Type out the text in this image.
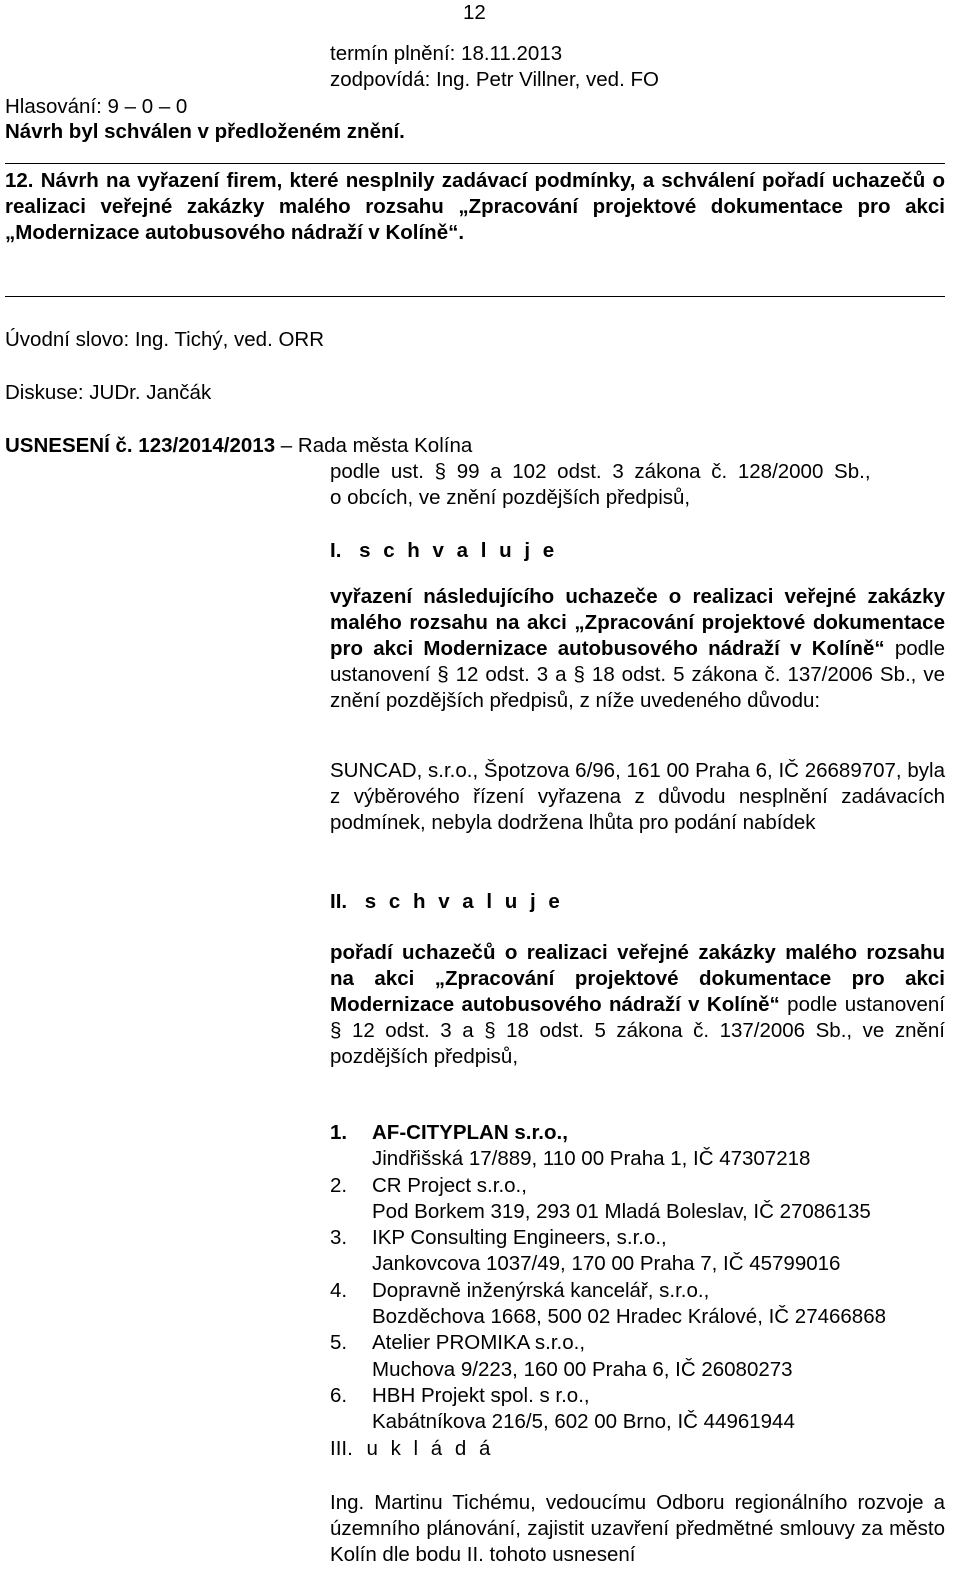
12
termín plnění: 18.11.2013
zodpovídá: Ing. Petr Villner, ved. FO
Hlasování: 9 – 0 – 0
Návrh byl schválen v předloženém znění.
12. Návrh na vyřazení firem, které nesplnily zadávací podmínky, a schválení pořadí uchazečů o realizaci veřejné zakázky malého rozsahu „Zpracování projektové dokumentace pro akci „Modernizace autobusového nádraží v Kolíně“.
Úvodní slovo: Ing. Tichý, ved. ORR
Diskuse: JUDr. Jančák
USNESENÍ č. 123/2014/2013 – Rada města Kolína
podle ust. § 99 a 102 odst. 3 zákona č. 128/2000 Sb.,
o obcích, ve znění pozdějších předpisů,
I. s c h v a l u j e
vyřazení následujícího uchazeče o realizaci veřejné zakázky malého rozsahu na akci „Zpracování projektové dokumentace pro akci Modernizace autobusového nádraží v Kolíně“ podle ustanovení § 12 odst. 3 a § 18 odst. 5 zákona č. 137/2006 Sb., ve znění pozdějších předpisů, z níže uvedeného důvodu:
SUNCAD, s.r.o., Špotzova 6/96, 161 00 Praha 6, IČ 26689707, byla z výběrového řízení vyřazena z důvodu nesplnění zadávacích podmínek, nebyla dodržena lhůta pro podání nabídek
II. s c h v a l u j e
pořadí uchazečů o realizaci veřejné zakázky malého rozsahu na akci „Zpracování projektové dokumentace pro akci Modernizace autobusového nádraží v Kolíně“ podle ustanovení § 12 odst. 3 a § 18 odst. 5 zákona č. 137/2006 Sb., ve znění pozdějších předpisů,
1. AF-CITYPLAN s.r.o.,
Jindřišská 17/889, 110 00 Praha 1, IČ 47307218
2. CR Project s.r.o.,
Pod Borkem 319, 293 01 Mladá Boleslav, IČ 27086135
3. IKP Consulting Engineers, s.r.o.,
Jankovcova 1037/49, 170 00 Praha 7, IČ 45799016
4. Dopravně inženýrská kancelář, s.r.o.,
Bozděchova 1668, 500 02 Hradec Králové, IČ 27466868
5. Atelier PROMIKA s.r.o.,
Muchova 9/223, 160 00 Praha 6, IČ 26080273
6. HBH Projekt spol. s r.o.,
Kabátníkova 216/5, 602 00 Brno, IČ 44961944
III. u k l á d á
Ing. Martinu Tichému, vedoucímu Odboru regionálního rozvoje a územního plánování, zajistit uzavření předmětné smlouvy za město Kolín dle bodu II. tohoto usnesení
